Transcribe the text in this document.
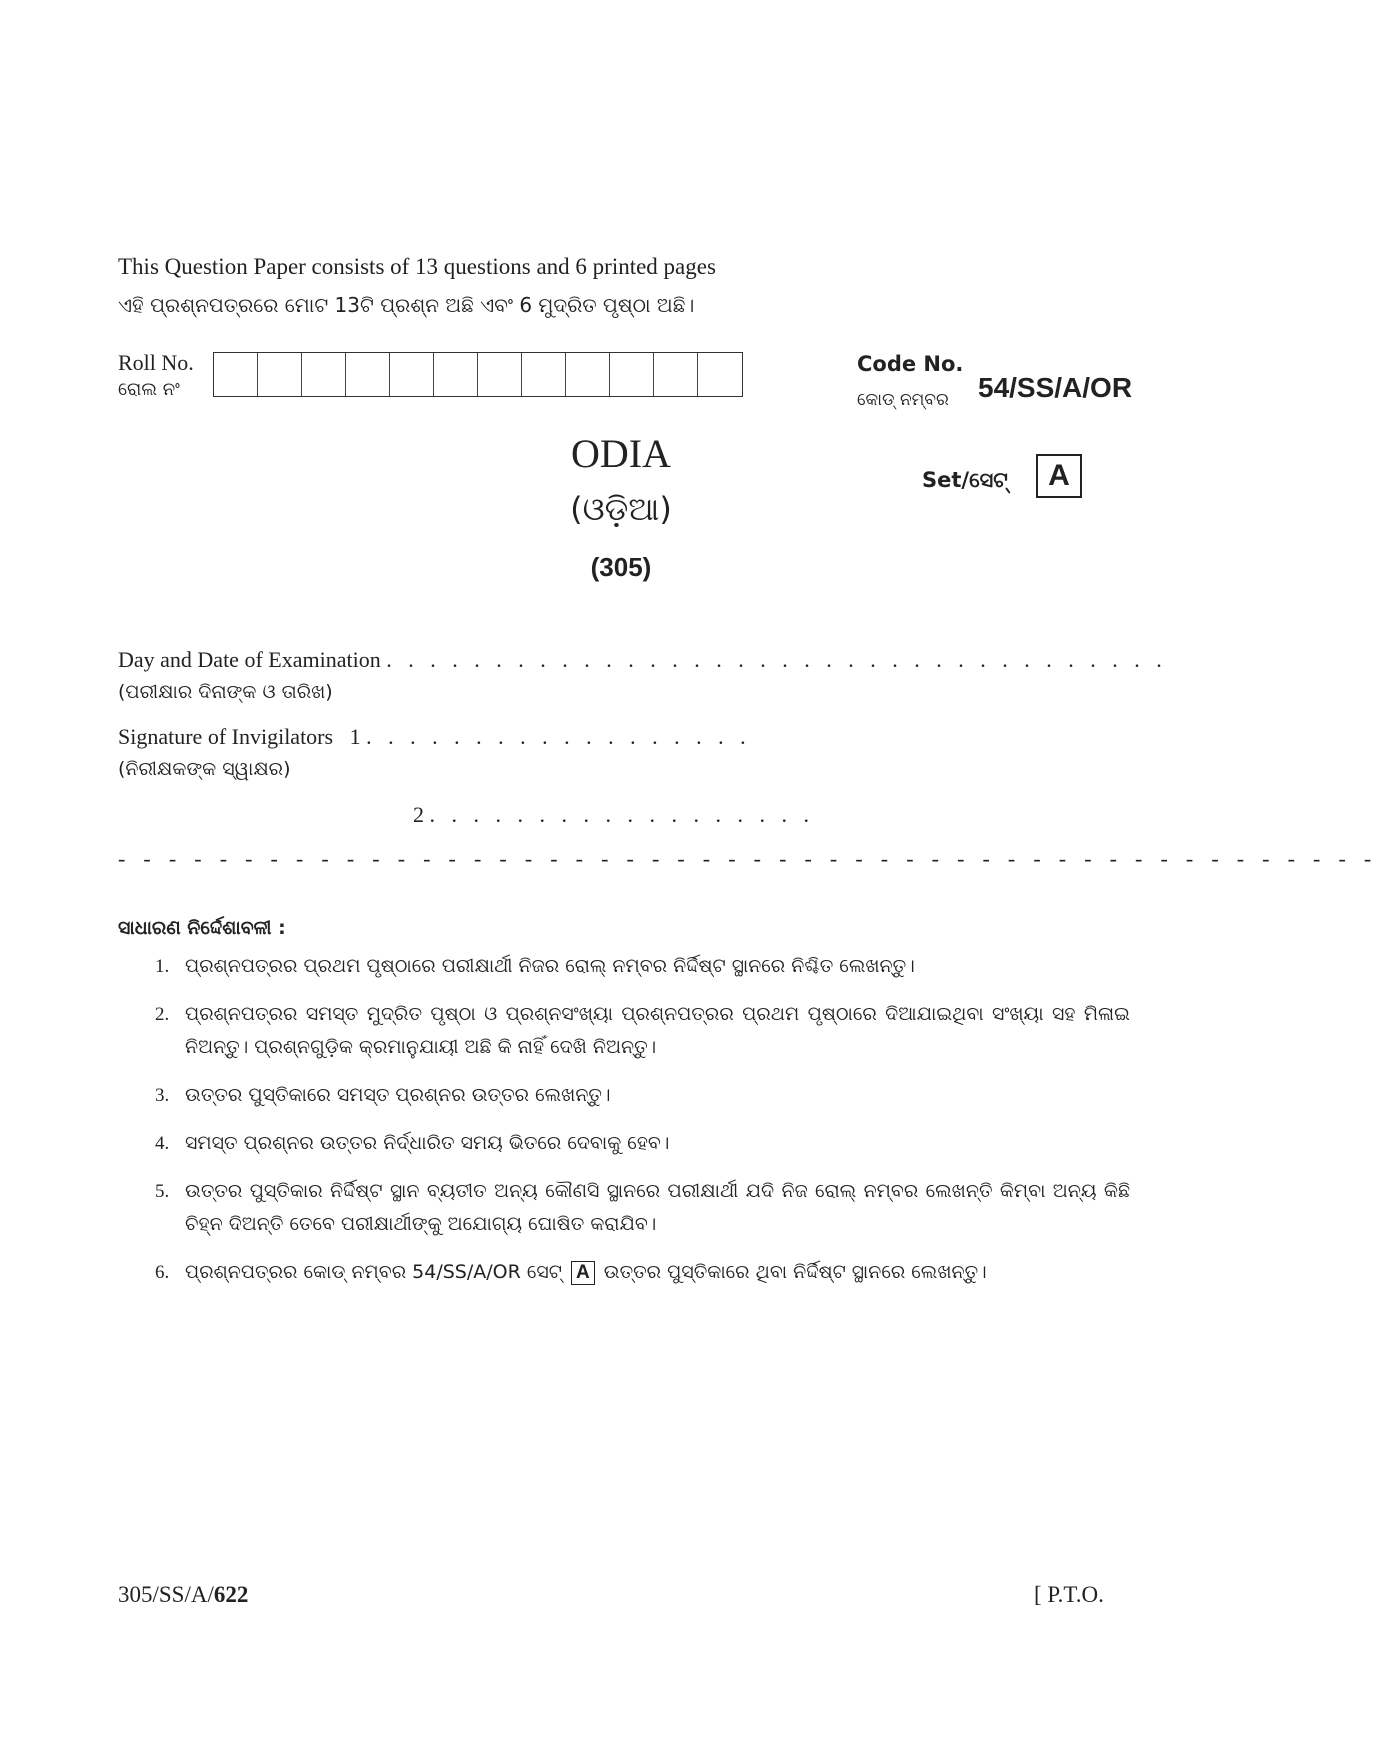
This Question Paper consists of 13 questions and 6 printed pages
ଏହି ପ୍ରଶ୍ନପତ୍ରରେ ମୋଟ 13ଟି ପ୍ରଶ୍ନ ଅଛି ଏବଂ 6 ମୁଦ୍ରିତ ପୃଷ୍ଠା ଅଛି।
Roll No.
ରୋଲ ନଂ
Code No.
କୋଡ୍ ନମ୍ବର 54/SS/A/OR
Set/ସେଟ୍	A
ODIA
(ଓଡ଼ିଆ)
(305)
Day and Date of Examination . . . . . . . . . . . . . . . . . . . . . . . . . . . . . . . . . . . .
(ପରୀକ୍ଷାର ଦିନାଙ୍କ ଓ ତାରିଖ)
Signature of Invigilators 1. . . . . . . . . . . . . . . . . .
(ନିରୀକ୍ଷକଙ୍କ ସ୍ୱାକ୍ଷର)
2. . . . . . . . . . . . . . . . . .
- - - - - - - - - - - - - - - - - - - - - - - - - - - - - - - - - - - - - - - - - - - - - - - - - -
ସାଧାରଣ ନିର୍ଦ୍ଦେଶାବଳୀ :
1. ପ୍ରଶ୍ନପତ୍ରର ପ୍ରଥମ ପୃଷ୍ଠାରେ ପରୀକ୍ଷାର୍ଥୀ ନିଜର ରୋଲ୍ ନମ୍ବର ନିର୍ଦ୍ଦିଷ୍ଟ ସ୍ଥାନରେ ନିଶ୍ଚିତ ଲେଖନ୍ତୁ।
2. ପ୍ରଶ୍ନପତ୍ରର ସମସ୍ତ ମୁଦ୍ରିତ ପୃଷ୍ଠା ଓ ପ୍ରଶ୍ନସଂଖ୍ୟା ପ୍ରଶ୍ନପତ୍ରର ପ୍ରଥମ ପୃଷ୍ଠାରେ ଦିଆଯାଇଥିବା ସଂଖ୍ୟା ସହ ମିଳାଇ ନିଅନ୍ତୁ। ପ୍ରଶ୍ନଗୁଡ଼ିକ କ୍ରମାନୁଯାୟୀ ଅଛି କି ନାହିଁ ଦେଖି ନିଅନ୍ତୁ।
3. ଉତ୍ତର ପୁସ୍ତିକାରେ ସମସ୍ତ ପ୍ରଶ୍ନର ଉତ୍ତର ଲେଖନ୍ତୁ।
4. ସମସ୍ତ ପ୍ରଶ୍ନର ଉତ୍ତର ନିର୍ଦ୍ଧାରିତ ସମୟ ଭିତରେ ଦେବାକୁ ହେବ।
5. ଉତ୍ତର ପୁସ୍ତିକାର ନିର୍ଦ୍ଦିଷ୍ଟ ସ୍ଥାନ ବ୍ୟତୀତ ଅନ୍ୟ କୌଣସି ସ୍ଥାନରେ ପରୀକ୍ଷାର୍ଥୀ ଯଦି ନିଜ ରୋଲ୍ ନମ୍ବର ଲେଖନ୍ତି କିମ୍ବା ଅନ୍ୟ କିଛି ଚିହ୍ନ ଦିଅନ୍ତି ତେବେ ପରୀକ୍ଷାର୍ଥୀଙ୍କୁ ଅଯୋଗ୍ୟ ଘୋଷିତ କରାଯିବ।
6. ପ୍ରଶ୍ନପତ୍ରର କୋଡ୍ ନମ୍ବର 54/SS/A/OR ସେଟ୍ A ଉତ୍ତର ପୁସ୍ତିକାରେ ଥିବା ନିର୍ଦ୍ଦିଷ୍ଟ ସ୍ଥାନରେ ଲେଖନ୍ତୁ।
305/SS/A/622	[ P.T.O.
